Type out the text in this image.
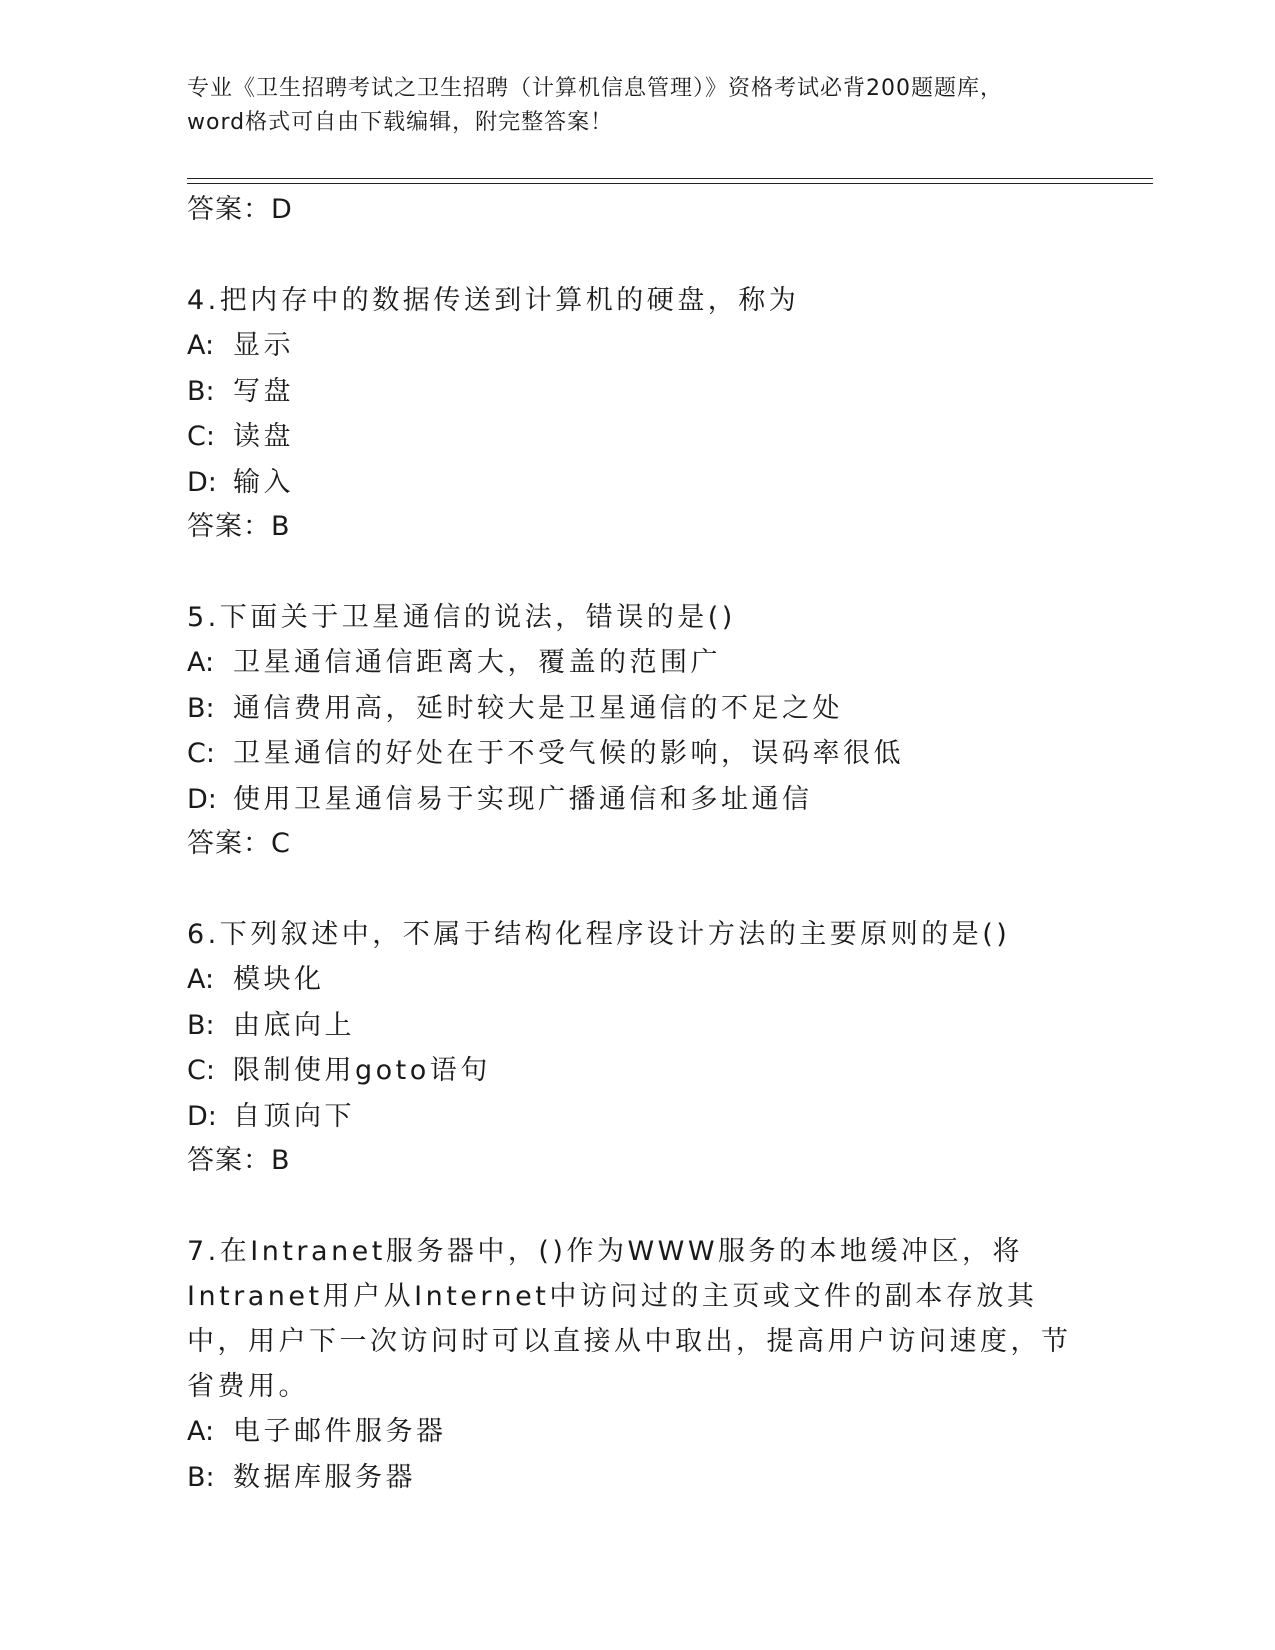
专业《卫生招聘考试之卫生招聘（计算机信息管理）》资格考试必背200题题库，
word格式可自由下载编辑，附完整答案！
答案：D
4.把内存中的数据传送到计算机的硬盘，称为
A: 显示
B: 写盘
C: 读盘
D: 输入
答案：B
5.下面关于卫星通信的说法，错误的是()
A: 卫星通信通信距离大，覆盖的范围广
B: 通信费用高，延时较大是卫星通信的不足之处
C: 卫星通信的好处在于不受气候的影响，误码率很低
D: 使用卫星通信易于实现广播通信和多址通信
答案：C
6.下列叙述中，不属于结构化程序设计方法的主要原则的是()
A: 模块化
B: 由底向上
C: 限制使用goto语句
D: 自顶向下
答案：B
7.在Intranet服务器中，()作为WWW服务的本地缓冲区，将Intranet用户从Internet中访问过的主页或文件的副本存放其中，用户下一次访问时可以直接从中取出，提高用户访问速度，节省费用。
A: 电子邮件服务器
B: 数据库服务器
